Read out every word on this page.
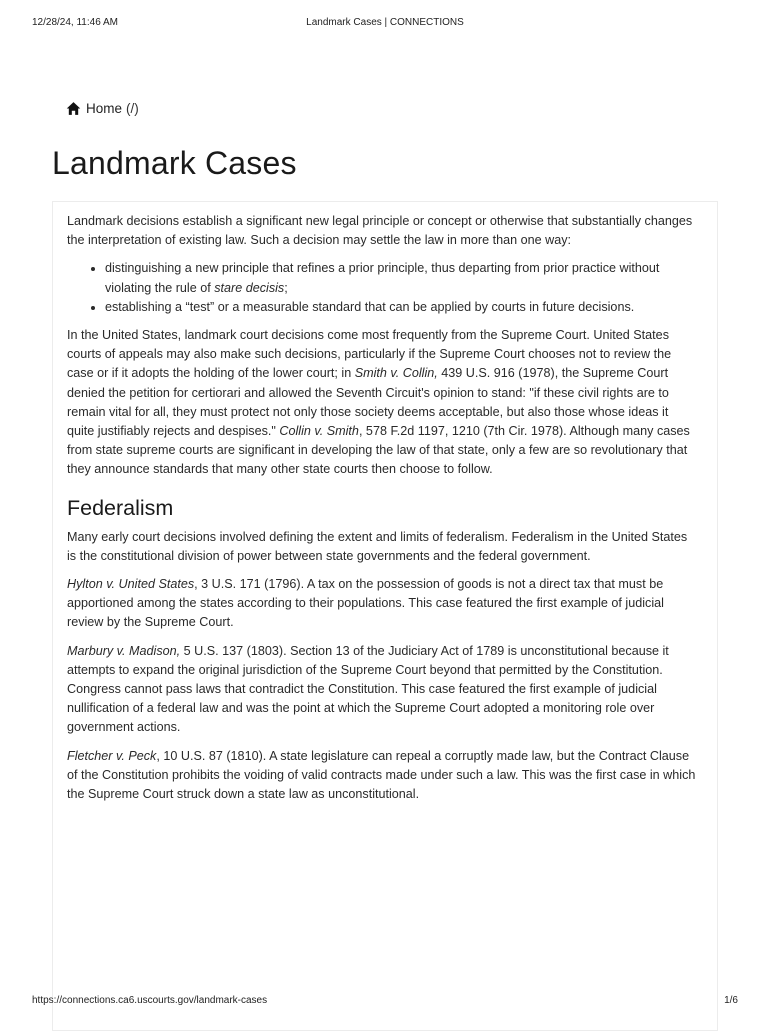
12/28/24, 11:46 AM	Landmark Cases | CONNECTIONS
Home (/)
Landmark Cases

Landmark decisions establish a significant new legal principle or concept or otherwise that substantially changes the interpretation of existing law. Such a decision may settle the law in more than one way:

• distinguishing a new principle that refines a prior principle, thus departing from prior practice without violating the rule of stare decisis;
• establishing a “test” or a measurable standard that can be applied by courts in future decisions.

In the United States, landmark court decisions come most frequently from the Supreme Court. United States courts of appeals may also make such decisions, particularly if the Supreme Court chooses not to review the case or if it adopts the holding of the lower court; in Smith v. Collin, 439 U.S. 916 (1978), the Supreme Court denied the petition for certiorari and allowed the Seventh Circuit's opinion to stand: "if these civil rights are to remain vital for all, they must protect not only those society deems acceptable, but also those whose ideas it quite justifiably rejects and despises." Collin v. Smith, 578 F.2d 1197, 1210 (7th Cir. 1978). Although many cases from state supreme courts are significant in developing the law of that state, only a few are so revolutionary that they announce standards that many other state courts then choose to follow.

Federalism

Many early court decisions involved defining the extent and limits of federalism. Federalism in the United States is the constitutional division of power between state governments and the federal government.

Hylton v. United States, 3 U.S. 171 (1796). A tax on the possession of goods is not a direct tax that must be apportioned among the states according to their populations. This case featured the first example of judicial review by the Supreme Court.

Marbury v. Madison, 5 U.S. 137 (1803). Section 13 of the Judiciary Act of 1789 is unconstitutional because it attempts to expand the original jurisdiction of the Supreme Court beyond that permitted by the Constitution. Congress cannot pass laws that contradict the Constitution. This case featured the first example of judicial nullification of a federal law and was the point at which the Supreme Court adopted a monitoring role over government actions.

Fletcher v. Peck, 10 U.S. 87 (1810). A state legislature can repeal a corruptly made law, but the Contract Clause of the Constitution prohibits the voiding of valid contracts made under such a law. This was the first case in which the Supreme Court struck down a state law as unconstitutional.

https://connections.ca6.uscourts.gov/landmark-cases	1/6
